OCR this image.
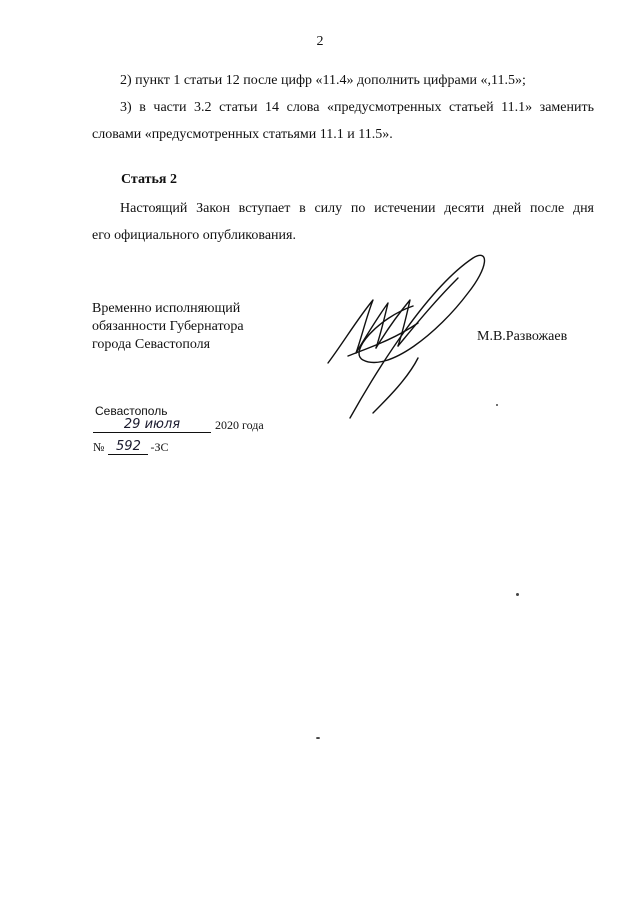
2

2) пункт 1 статьи 12 после цифр «11.4» дополнить цифрами «,11.5»;

3) в части 3.2 статьи 14 слова «предусмотренных статьей 11.1» заменить словами «предусмотренных статьями 11.1 и 11.5».

Статья 2

Настоящий Закон вступает в силу по истечении десяти дней после дня
его официального опубликования.

Временно исполняющий
обязанности Губернатора
города Севастополя
М.В.Развожаев
Севастополь
29 июля	2020 года
№ 592 -ЗС
